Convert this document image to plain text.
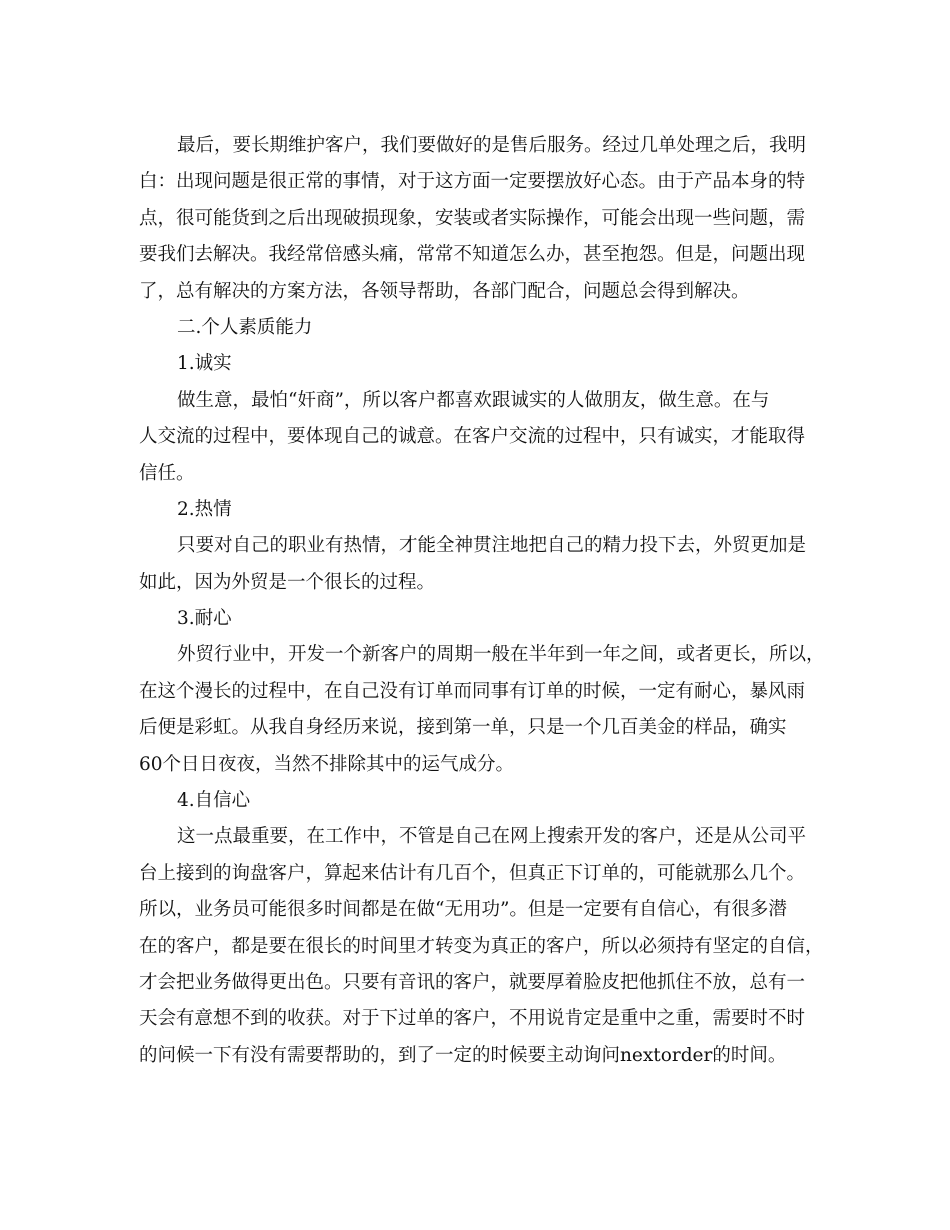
最后，要长期维护客户，我们要做好的是售后服务。经过几单处理之后，我明
白：出现问题是很正常的事情，对于这方面一定要摆放好心态。由于产品本身的特
点，很可能货到之后出现破损现象，安装或者实际操作，可能会出现一些问题，需
要我们去解决。我经常倍感头痛，常常不知道怎么办，甚至抱怨。但是，问题出现
了，总有解决的方案方法，各领导帮助，各部门配合，问题总会得到解决。
二.个人素质能力
1.诚实
做生意，最怕“奸商”，所以客户都喜欢跟诚实的人做朋友，做生意。在与
人交流的过程中，要体现自己的诚意。在客户交流的过程中，只有诚实，才能取得
信任。
2.热情
只要对自己的职业有热情，才能全神贯注地把自己的精力投下去，外贸更加是
如此，因为外贸是一个很长的过程。
3.耐心
外贸行业中，开发一个新客户的周期一般在半年到一年之间，或者更长，所以，
在这个漫长的过程中，在自己没有订单而同事有订单的时候，一定有耐心，暴风雨
后便是彩虹。从我自身经历来说，接到第一单，只是一个几百美金的样品，确实
60个日日夜夜，当然不排除其中的运气成分。
4.自信心
这一点最重要，在工作中，不管是自己在网上搜索开发的客户，还是从公司平
台上接到的询盘客户，算起来估计有几百个，但真正下订单的，可能就那么几个。
所以，业务员可能很多时间都是在做“无用功”。但是一定要有自信心，有很多潜
在的客户，都是要在很长的时间里才转变为真正的客户，所以必须持有坚定的自信，
才会把业务做得更出色。只要有音讯的客户，就要厚着脸皮把他抓住不放，总有一
天会有意想不到的收获。对于下过单的客户，不用说肯定是重中之重，需要时不时
的问候一下有没有需要帮助的，到了一定的时候要主动询问nextorder的时间。
